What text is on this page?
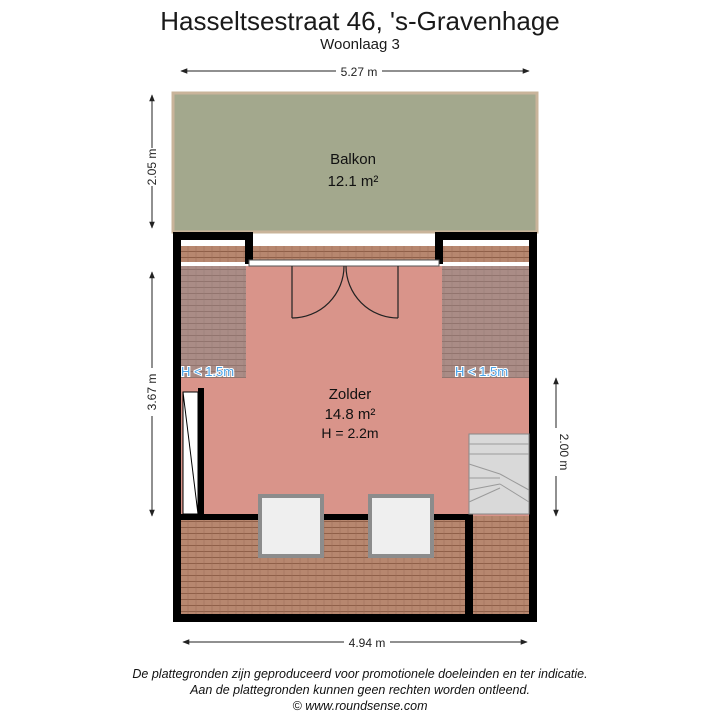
Hasseltsestraat 46, 's-Gravenhage
Woonlaag 3
5.27 m
4.94 m
2.05 m
3.67 m
2.00 m
Balkon
12.1 m²
Zolder
14.8 m²
H = 2.2m
H < 1.5m	H < 1.5m
De plattegronden zijn geproduceerd voor promotionele doeleinden en ter indicatie.
Aan de plattegronden kunnen geen rechten worden ontleend.
© www.roundsense.com
